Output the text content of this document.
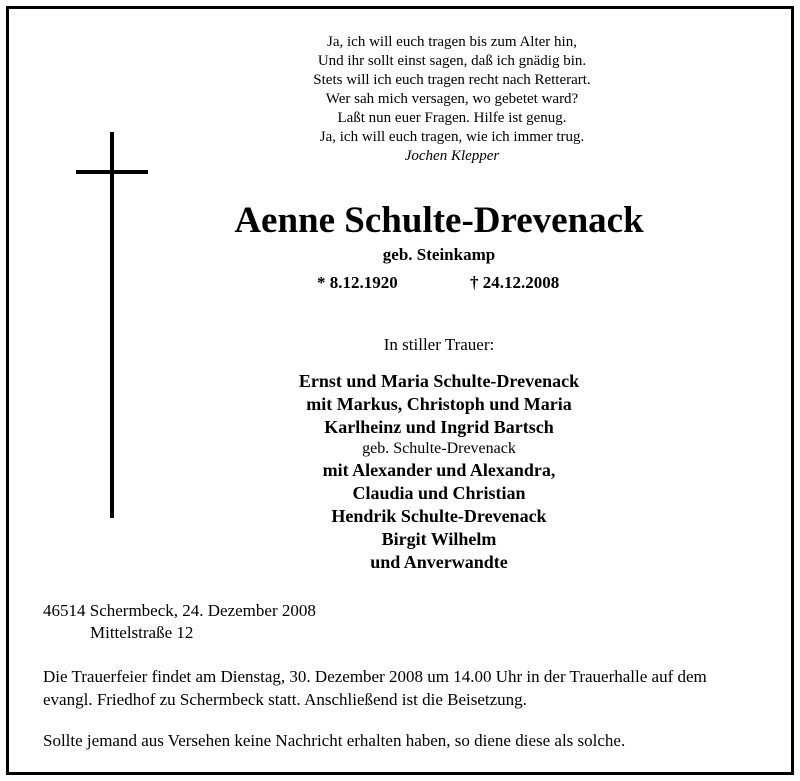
Ja, ich will euch tragen bis zum Alter hin,
Und ihr sollt einst sagen, daß ich gnädig bin.
Stets will ich euch tragen recht nach Retterart.
Wer sah mich versagen, wo gebetet ward?
Laßt nun euer Fragen. Hilfe ist genug.
Ja, ich will euch tragen, wie ich immer trug.
Jochen Klepper
Aenne Schulte-Drevenack
geb. Steinkamp
* 8.12.1920	† 24.12.2008
In stiller Trauer:
Ernst und Maria Schulte-Drevenack
mit Markus, Christoph und Maria
Karlheinz und Ingrid Bartsch
geb. Schulte-Drevenack
mit Alexander und Alexandra,
Claudia und Christian
Hendrik Schulte-Drevenack
Birgit Wilhelm
und Anverwandte
46514 Schermbeck, 24. Dezember 2008
Mittelstraße 12
Die Trauerfeier findet am Dienstag, 30. Dezember 2008 um 14.00 Uhr in der Trauerhalle auf dem
evangl. Friedhof zu Schermbeck statt. Anschließend ist die Beisetzung.
Sollte jemand aus Versehen keine Nachricht erhalten haben, so diene diese als solche.
